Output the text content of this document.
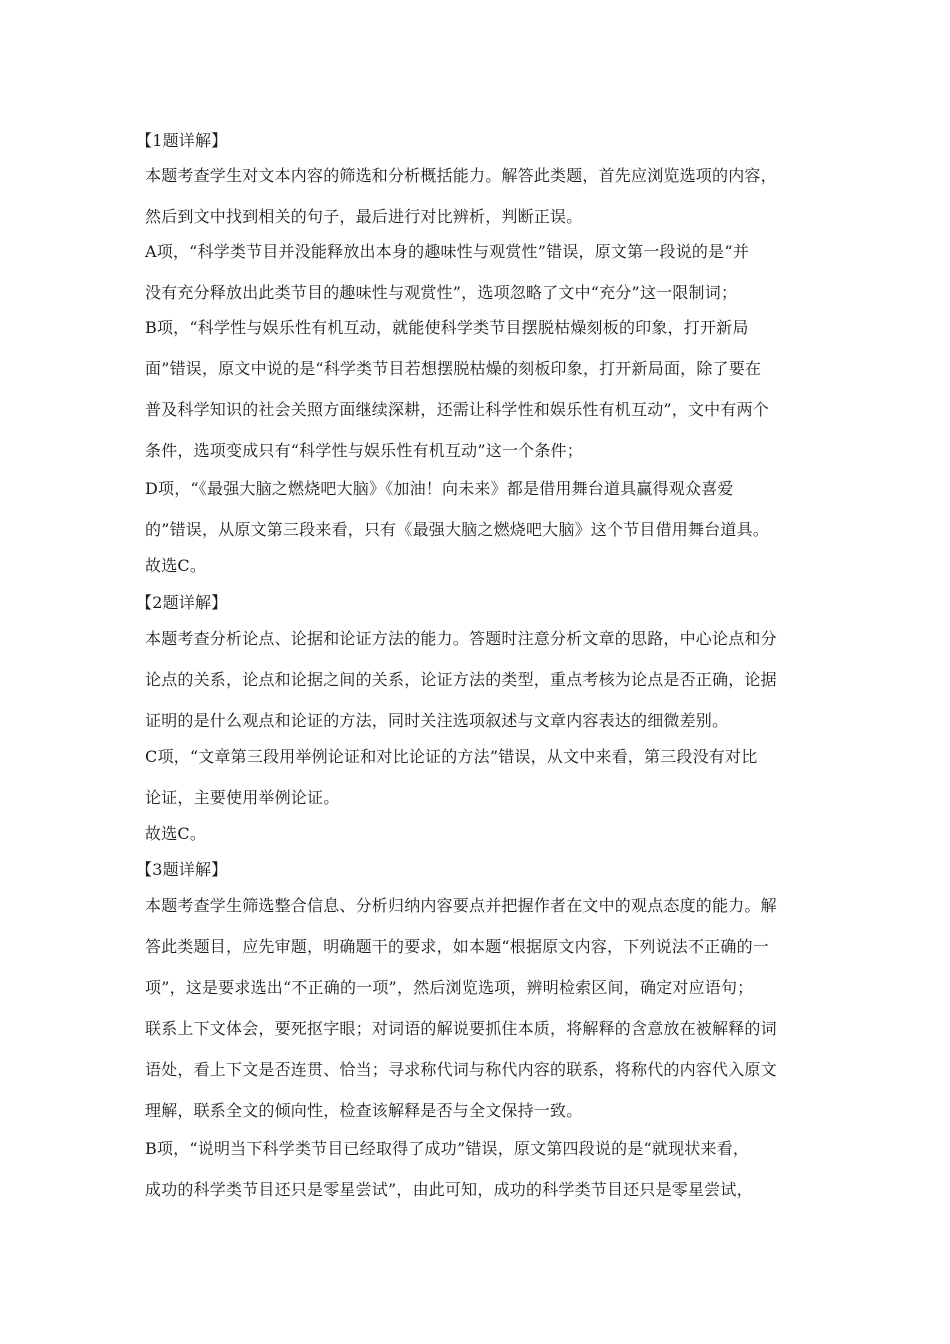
【1题详解】
本题考查学生对文本内容的筛选和分析概括能力。解答此类题，首先应浏览选项的内容，
然后到文中找到相关的句子，最后进行对比辨析，判断正误。
A项，“科学类节目并没能释放出本身的趣味性与观赏性”错误，原文第一段说的是“并
没有充分释放出此类节目的趣味性与观赏性”，选项忽略了文中“充分”这一限制词；
B项，“科学性与娱乐性有机互动，就能使科学类节目摆脱枯燥刻板的印象，打开新局
面”错误，原文中说的是“科学类节目若想摆脱枯燥的刻板印象，打开新局面，除了要在
普及科学知识的社会关照方面继续深耕，还需让科学性和娱乐性有机互动”，文中有两个
条件，选项变成只有“科学性与娱乐性有机互动”这一个条件；
D项，“《最强大脑之燃烧吧大脑》《加油！向未来》都是借用舞台道具赢得观众喜爱
的”错误，从原文第三段来看，只有《最强大脑之燃烧吧大脑》这个节目借用舞台道具。
故选C。
【2题详解】
本题考查分析论点、论据和论证方法的能力。答题时注意分析文章的思路，中心论点和分
论点的关系，论点和论据之间的关系，论证方法的类型，重点考核为论点是否正确，论据
证明的是什么观点和论证的方法，同时关注选项叙述与文章内容表达的细微差别。
C项，“文章第三段用举例论证和对比论证的方法”错误，从文中来看，第三段没有对比
论证，主要使用举例论证。
故选C。
【3题详解】
本题考查学生筛选整合信息、分析归纳内容要点并把握作者在文中的观点态度的能力。解
答此类题目，应先审题，明确题干的要求，如本题“根据原文内容，下列说法不正确的一
项”，这是要求选出“不正确的一项”，然后浏览选项，辨明检索区间，确定对应语句；
联系上下文体会，要死抠字眼；对词语的解说要抓住本质，将解释的含意放在被解释的词
语处，看上下文是否连贯、恰当；寻求称代词与称代内容的联系，将称代的内容代入原文
理解，联系全文的倾向性，检查该解释是否与全文保持一致。
B项，“说明当下科学类节目已经取得了成功”错误，原文第四段说的是“就现状来看，
成功的科学类节目还只是零星尝试”，由此可知，成功的科学类节目还只是零星尝试，
